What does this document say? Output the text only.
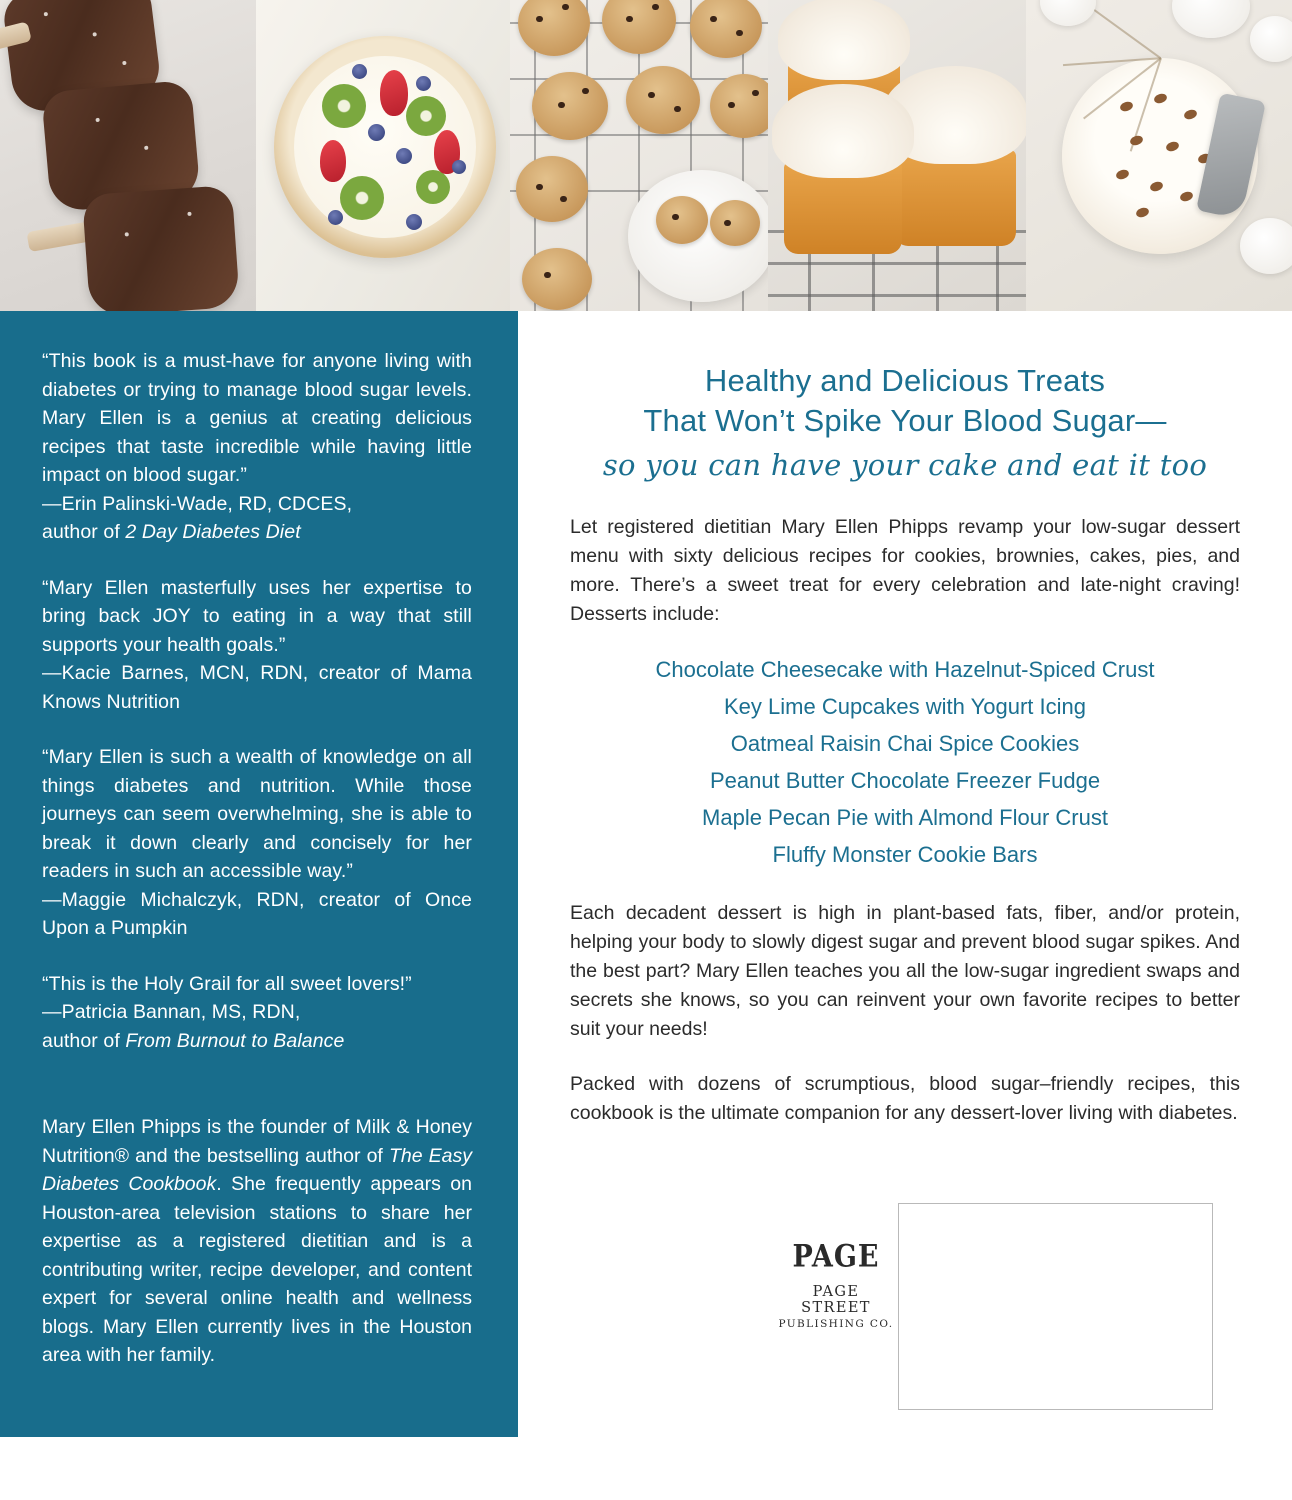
“This book is a must-have for anyone living with diabetes or trying to manage blood sugar levels. Mary Ellen is a genius at creating delicious recipes that taste incredible while having little impact on blood sugar.”

—Erin Palinski-Wade, RD, CDCES,
author of 2 Day Diabetes Diet

“Mary Ellen masterfully uses her expertise to bring back JOY to eating in a way that still supports your health goals.”

—Kacie Barnes, MCN, RDN, creator of Mama Knows Nutrition

“Mary Ellen is such a wealth of knowledge on all things diabetes and nutrition. While those journeys can seem overwhelming, she is able to break it down clearly and concisely for her readers in such an accessible way.”

—Maggie Michalczyk, RDN, creator of Once Upon a Pumpkin

“This is the Holy Grail for all sweet lovers!”

—Patricia Bannan, MS, RDN,
author of From Burnout to Balance

Mary Ellen Phipps is the founder of Milk & Honey Nutrition® and the bestselling author of The Easy Diabetes Cookbook. She frequently appears on Houston-area television stations to share her expertise as a registered dietitian and is a contributing writer, recipe developer, and content expert for several online health and wellness blogs. Mary Ellen currently lives in the Houston area with her family.
Healthy and Delicious Treats
That Won’t Spike Your Blood Sugar—
so you can have your cake and eat it too

Let registered dietitian Mary Ellen Phipps revamp your low-sugar dessert menu with sixty delicious recipes for cookies, brownies, cakes, pies, and more. There’s a sweet treat for every celebration and late-night craving! Desserts include:

Chocolate Cheesecake with Hazelnut-Spiced Crust
Key Lime Cupcakes with Yogurt Icing
Oatmeal Raisin Chai Spice Cookies
Peanut Butter Chocolate Freezer Fudge
Maple Pecan Pie with Almond Flour Crust
Fluffy Monster Cookie Bars

Each decadent dessert is high in plant-based fats, fiber, and/or protein, helping your body to slowly digest sugar and prevent blood sugar spikes. And the best part? Mary Ellen teaches you all the low-sugar ingredient swaps and secrets she knows, so you can reinvent your own favorite recipes to better suit your needs!

Packed with dozens of scrumptious, blood sugar–friendly recipes, this cookbook is the ultimate companion for any dessert-lover living with diabetes.

PAGE
PAGE STREET
PUBLISHING CO.
